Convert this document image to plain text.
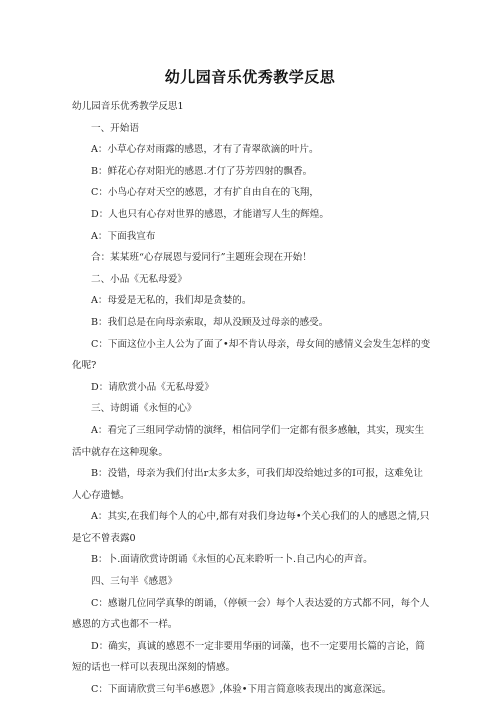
幼儿园音乐优秀教学反思

幼儿园音乐优秀教学反思1

一、开始语

A：小草心存对雨露的感恩，才有了青翠欲滴的叶片。

B：鲜花心存对阳光的感恩.才仃了芬芳四射的飘香。

C：小鸟心存对天空的感恩，才有扩自由自在的飞翔，

D：人也只有心存对世界的感恩，才能谱写人生的辉煌。

A：下面我宣布

合：某某班“心存展恩与爱同行”主题班会现在开始！

二、小品《无私母爱》

A：母爱是无私的，我们却是贪婪的。

B：我们总是在向母亲索取，却从没顾及过母亲的感受。

C：下面这位小主人公为了面了•却不肯认母亲，母女间的感情义会发生怎样的变化呢?

D：请欣赏小品《无私母爱》

三、诗朗诵《永恒的心》

A：看完了三组同学动情的演绎，相信同学们一定都有很多感触，其实，现实生活中就存在这种现象。

B：没错，母亲为我们付出r太多太多，可我们却没给她过多的I可报，这难免让人心存遗憾。

A：其实,在我们每个人的心中,都有对我们身边每•个关心我们的人的感恩之情,只是它不曾表露0

B：卜.面请欣赏诗朗诵《永恒的心瓦来聆听一卜.自己内心的声音。

四、三句半《感恩》

C：感谢几位同学真挚的朗诵，（停顿一会）每个人表达爱的方式都不同，每个人感恩的方式也都不一样。

D：确实，真诚的感恩不一定非要用华丽的词藻，也不一定要用长篇的言论，简短的话也一样可以表现出深刻的情感。

C：下面请欣赏三句半6感恩》,体验•下用言简意咳表现出的寓意深远。
